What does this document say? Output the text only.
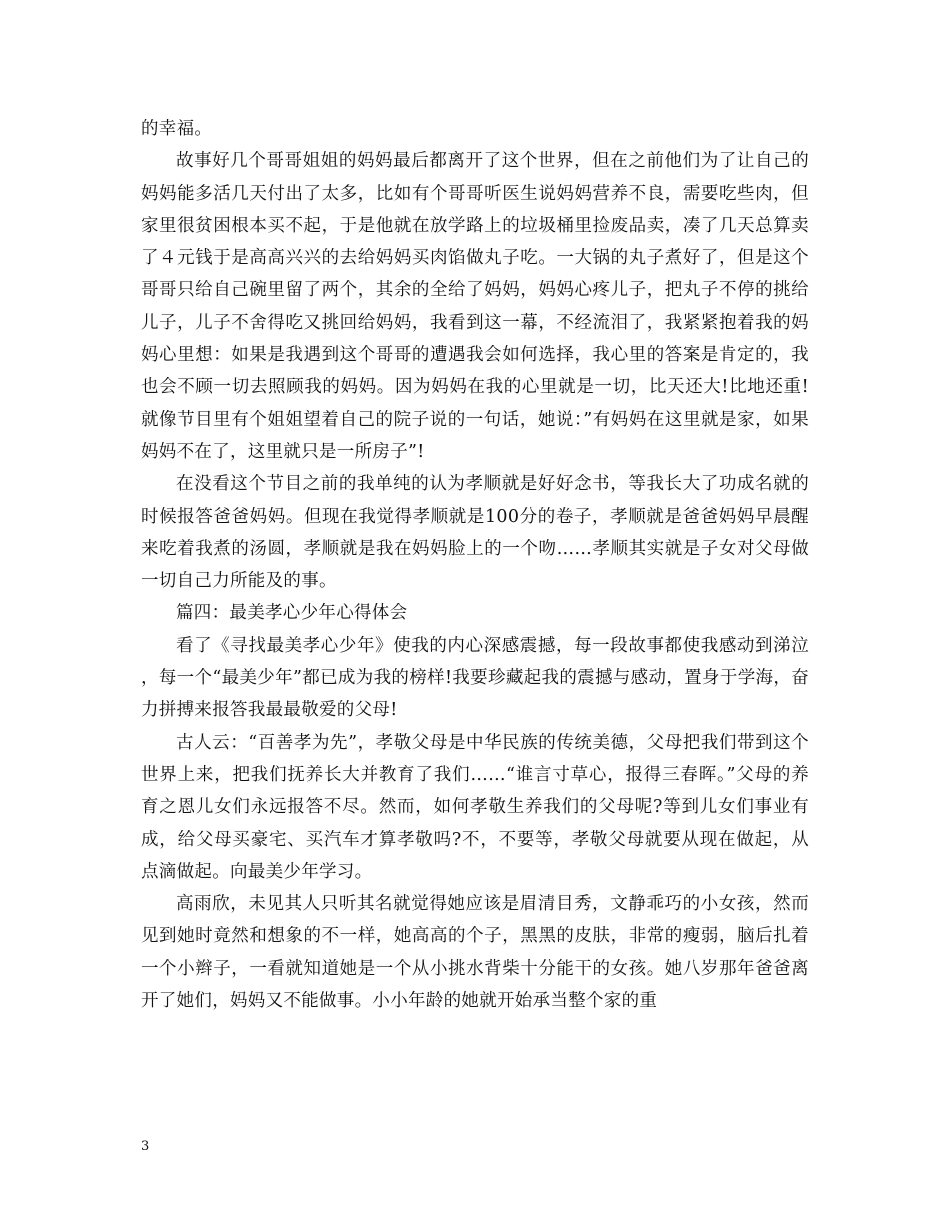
的幸福。

故事好几个哥哥姐姐的妈妈最后都离开了这个世界，但在之前他们为了让自己的妈妈能多活几天付出了太多，比如有个哥哥听医生说妈妈营养不良，需要吃些肉，但家里很贫困根本买不起，于是他就在放学路上的垃圾桶里捡废品卖，凑了几天总算卖了４元钱于是高高兴兴的去给妈妈买肉馅做丸子吃。一大锅的丸子煮好了，但是这个哥哥只给自己碗里留了两个，其余的全给了妈妈，妈妈心疼儿子，把丸子不停的挑给儿子，儿子不舍得吃又挑回给妈妈，我看到这一幕，不经流泪了，我紧紧抱着我的妈妈心里想：如果是我遇到这个哥哥的遭遇我会如何选择，我心里的答案是肯定的，我也会不顾一切去照顾我的妈妈。因为妈妈在我的心里就是一切，比天还大!比地还重!就像节目里有个姐姐望着自己的院子说的一句话，她说：”有妈妈在这里就是家，如果妈妈不在了，这里就只是一所房子”!

在没看这个节目之前的我单纯的认为孝顺就是好好念书，等我长大了功成名就的时候报答爸爸妈妈。但现在我觉得孝顺就是100分的卷子，孝顺就是爸爸妈妈早晨醒来吃着我煮的汤圆，孝顺就是我在妈妈脸上的一个吻……孝顺其实就是子女对父母做一切自己力所能及的事。

篇四：最美孝心少年心得体会

看了《寻找最美孝心少年》使我的内心深感震撼，每一段故事都使我感动到涕泣 ，每一个“最美少年”都已成为我的榜样!我要珍藏起我的震撼与感动，置身于学海，奋力拼搏来报答我最最敬爱的父母!

古人云：“百善孝为先”，孝敬父母是中华民族的传统美德，父母把我们带到这个世界上来，把我们抚养长大并教育了我们……“谁言寸草心，报得三春晖。”父母的养育之恩儿女们永远报答不尽。然而，如何孝敬生养我们的父母呢?等到儿女们事业有成，给父母买豪宅、买汽车才算孝敬吗?不，不要等，孝敬父母就要从现在做起，从点滴做起。向最美少年学习。

高雨欣，未见其人只听其名就觉得她应该是眉清目秀，文静乖巧的小女孩，然而见到她时竟然和想象的不一样，她高高的个子，黑黑的皮肤，非常的瘦弱，脑后扎着一个小辫子，一看就知道她是一个从小挑水背柴十分能干的女孩。她八岁那年爸爸离开了她们，妈妈又不能做事。小小年龄的她就开始承当整个家的重

3
